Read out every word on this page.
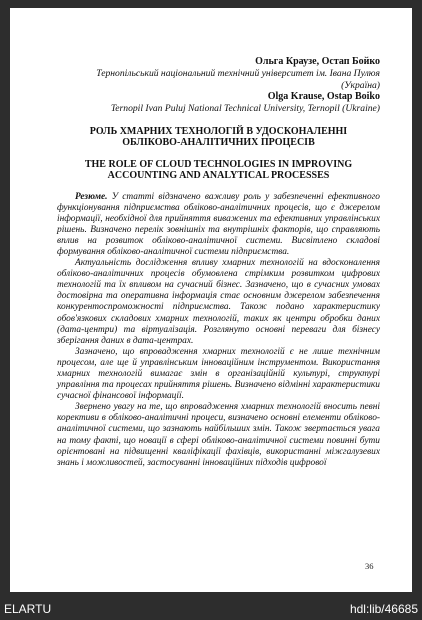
Ольга Краузе, Остап Бойко
Тернопільський національний технічний університет ім. Івана Пулюя
(Україна)
Olga Krause, Ostap Boiko
Ternopil Ivan Puluj National Technical University, Ternopil (Ukraine)
РОЛЬ ХМАРНИХ ТЕХНОЛОГІЙ В УДОСКОНАЛЕННІ
ОБЛІКОВО-АНАЛІТИЧНИХ ПРОЦЕСІВ
THE ROLE OF CLOUD TECHNOLOGIES IN IMPROVING
ACCOUNTING AND ANALYTICAL PROCESSES

Резюме. У статті відзначено важливу роль у забезпеченні ефективного функціонування підприємства обліково-аналітичних процесів, що є джерелом інформації, необхідної для прийняття виважених та ефективних управлінських рішень. Визначено перелік зовнішніх та внутрішніх факторів, що справляють вплив на розвиток обліково-аналітичної системи. Висвітлено складові формування обліково-аналітичної системи підприємства.

Актуальність дослідження впливу хмарних технологій на вдосконалення обліково-аналітичних процесів обумовлена стрімким розвитком цифрових технологій та їх впливом на сучасний бізнес. Зазначено, що в сучасних умовах достовірна та оперативна інформація стає основним джерелом забезпечення конкурентоспроможності підприємства. Також подано характеристику обов'язкових складових хмарних технологій, таких як центри обробки даних (дата-центри) та віртуалізація. Розглянуто основні переваги для бізнесу зберігання даних в дата-центрах.

Зазначено, що впровадження хмарних технологій є не лише технічним процесом, але ще й управлінським інноваційним інструментом. Використання хмарних технологій вимагає змін в організаційній культурі, структурі управління та процесах прийняття рішень. Визначено відмінні характеристики сучасної фінансової інформації.

Звернено увагу на те, що впровадження хмарних технологій вносить певні корективи в обліково-аналітичні процеси, визначено основні елементи обліково-аналітичної системи, що зазнають найбільших змін. Також звертається увага на тому факті, що новації в сфері обліково-аналітичної системи повинні бути орієнтовані на підвищенні кваліфікації фахівців, використанні міжгалузевих знань і можливостей, застосуванні інноваційних підходів цифрової

36
ELARTU	hdl:lib/46685
